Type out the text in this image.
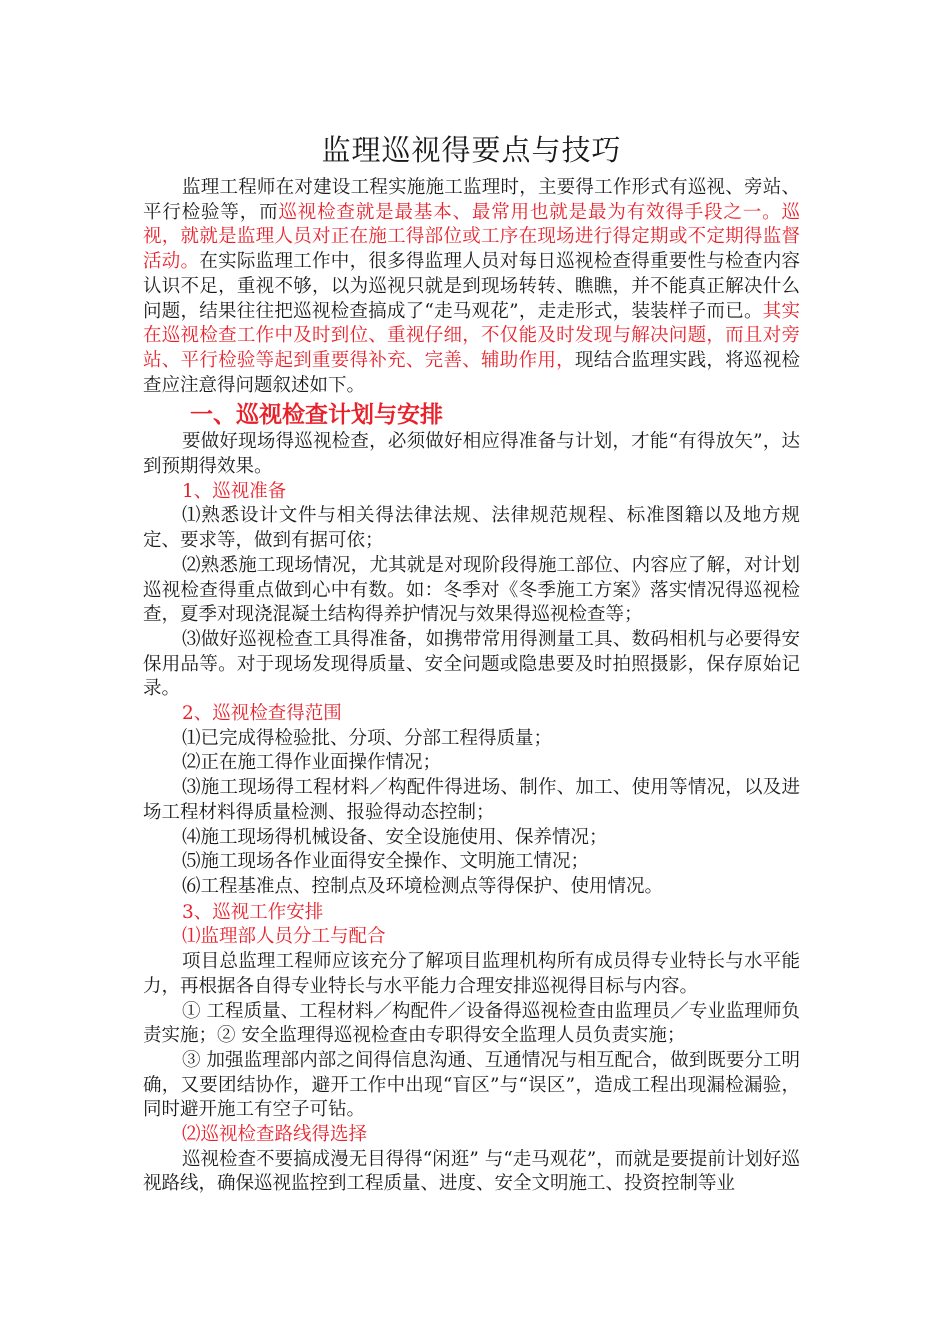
监理巡视得要点与技巧

监理工程师在对建设工程实施施工监理时，主要得工作形式有巡视、旁站、平行检验等，而巡视检查就是最基本、最常用也就是最为有效得手段之一。巡视，就就是监理人员对正在施工得部位或工序在现场进行得定期或不定期得监督活动。在实际监理工作中，很多得监理人员对每日巡视检查得重要性与检查内容认识不足，重视不够，以为巡视只就是到现场转转、瞧瞧，并不能真正解决什么问题，结果往往把巡视检查搞成了“走马观花”，走走形式，装装样子而已。其实在巡视检查工作中及时到位、重视仔细，不仅能及时发现与解决问题，而且对旁站、平行检验等起到重要得补充、完善、辅助作用，现结合监理实践，将巡视检查应注意得问题叙述如下。

一、巡视检查计划与安排

要做好现场得巡视检查，必须做好相应得准备与计划，才能“有得放矢”，达到预期得效果。

1、巡视准备

⑴熟悉设计文件与相关得法律法规、法律规范规程、标准图籍以及地方规定、要求等，做到有据可依；

⑵熟悉施工现场情况，尤其就是对现阶段得施工部位、内容应了解，对计划巡视检查得重点做到心中有数。如：冬季对《冬季施工方案》落实情况得巡视检查，夏季对现浇混凝土结构得养护情况与效果得巡视检查等；

⑶做好巡视检查工具得准备，如携带常用得测量工具、数码相机与必要得安保用品等。对于现场发现得质量、安全问题或隐患要及时拍照摄影，保存原始记录。

2、巡视检查得范围

⑴已完成得检验批、分项、分部工程得质量；

⑵正在施工得作业面操作情况；

⑶施工现场得工程材料／构配件得进场、制作、加工、使用等情况，以及进场工程材料得质量检测、报验得动态控制；

⑷施工现场得机械设备、安全设施使用、保养情况；

⑸施工现场各作业面得安全操作、文明施工情况；

⑹工程基准点、控制点及环境检测点等得保护、使用情况。

3、巡视工作安排

⑴监理部人员分工与配合

项目总监理工程师应该充分了解项目监理机构所有成员得专业特长与水平能力，再根据各自得专业特长与水平能力合理安排巡视得目标与内容。

① 工程质量、工程材料／构配件／设备得巡视检查由监理员／专业监理师负责实施；② 安全监理得巡视检查由专职得安全监理人员负责实施；

③ 加强监理部内部之间得信息沟通、互通情况与相互配合，做到既要分工明确，又要团结协作，避开工作中出现“盲区”与“误区”，造成工程出现漏检漏验，同时避开施工有空子可钻。

⑵巡视检查路线得选择

巡视检查不要搞成漫无目得得“闲逛” 与“走马观花”，而就是要提前计划好巡视路线，确保巡视监控到工程质量、进度、安全文明施工、投资控制等业
